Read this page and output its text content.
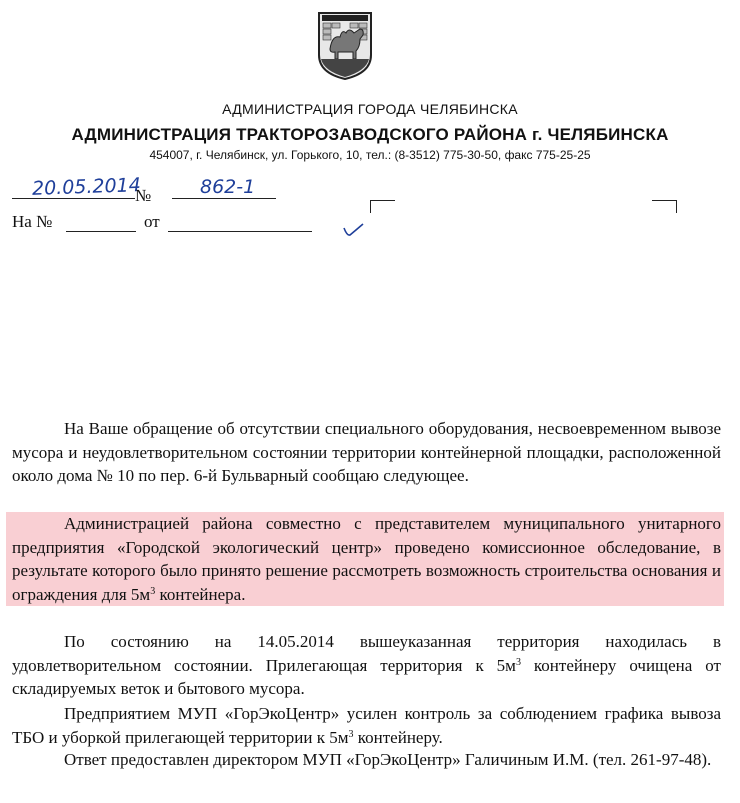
АДМИНИСТРАЦИЯ ГОРОДА ЧЕЛЯБИНСКА
АДМИНИСТРАЦИЯ ТРАКТОРОЗАВОДСКОГО РАЙОНА г. ЧЕЛЯБИНСКА
454007, г. Челябинск, ул. Горького, 10, тел.: (8-3512) 775-30-50, факс 775-25-25
20.05.2014
№	862-1
На №	от

На Ваше обращение об отсутствии специального оборудования, несвоевременном вывозе мусора и неудовлетворительном состоянии территории контейнерной площадки, расположенной около дома № 10 по пер. 6-й Бульварный сообщаю следующее.

Администрацией района совместно с представителем муниципального унитарного предприятия «Городской экологический центр» проведено комиссионное обследование, в результате которого было принято решение рассмотреть возможность строительства основания и ограждения для $5м^3$ контейнера.

По состоянию на 14.05.2014 вышеуказанная территория находилась в удовлетворительном состоянии. Прилегающая территория к $5м^3$ контейнеру очищена от складируемых веток и бытового мусора.

Предприятием МУП «ГорЭкоЦентр» усилен контроль за соблюдением графика вывоза ТБО и уборкой прилегающей территории к $5м^3$ контейнеру.

Ответ предоставлен директором МУП «ГорЭкоЦентр» Галичиным И.М. (тел. 261-97-48).
